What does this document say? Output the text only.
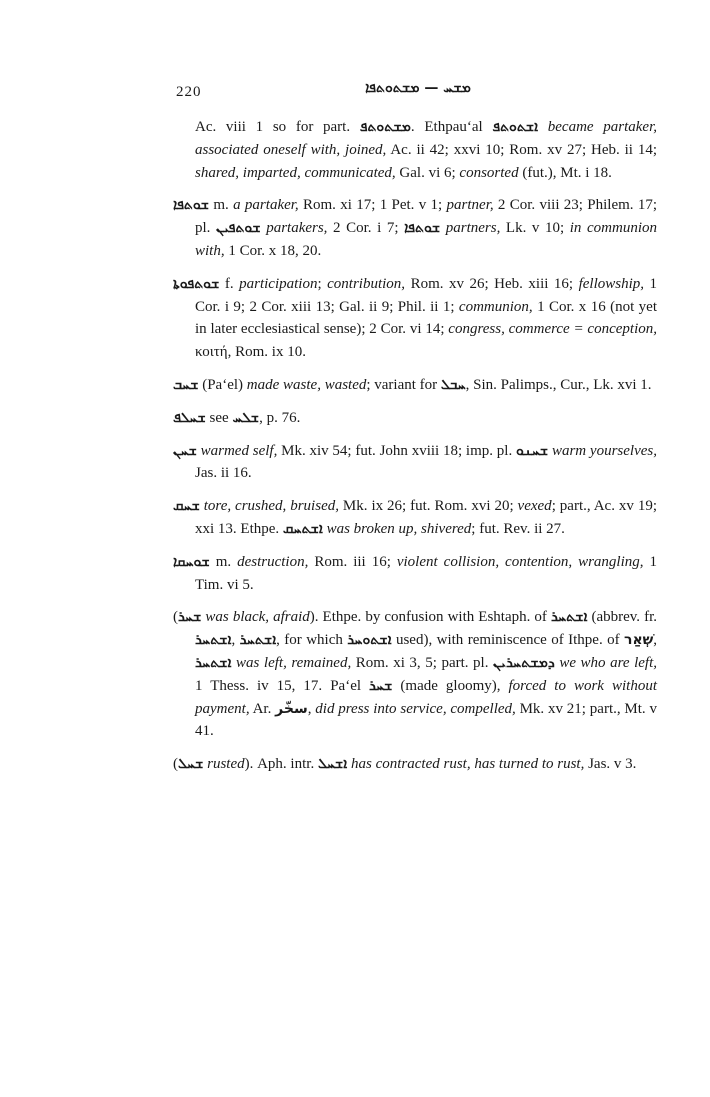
220	ܡܫܚ — ܡܫܬܘܬܦܐ

Ac. viii 1 so for part. ܡܫܬܘܬܦ. Ethpau‘al ܐܫܬܘܬܦ became partaker, associated oneself with, joined, Ac. ii 42; xxvi 10; Rom. xv 27; Heb. ii 14; shared, imparted, communicated, Gal. vi 6; consorted (fut.), Mt. i 18.

ܫܘܬܦܐ m. a partaker, Rom. xi 17; 1 Pet. v 1; partner, 2 Cor. viii 23; Philem. 17; pl. ܫܘܬܦܝܢ partakers, 2 Cor. i 7; ܫܘܬܦܐ partners, Lk. v 10; in communion with, 1 Cor. x 18, 20.

ܫܘܬܦܘܬܐ f. participation; contribution, Rom. xv 26; Heb. xiii 16; fellowship, 1 Cor. i 9; 2 Cor. xiii 13; Gal. ii 9; Phil. ii 1; communion, 1 Cor. x 16 (not yet in later ecclesiastical sense); 2 Cor. vi 14; congress, commerce = conception, κοιτή, Rom. ix 10.

ܫܚܒ (Pa‘el) made waste, wasted; variant for ܚܒܠ, Sin. Palimps., Cur., Lk. xvi 1.

ܫܚܠܦ see ܫܠܚ, p. 76.

ܫܚܢ warmed self, Mk. xiv 54; fut. John xviii 18; imp. pl. ܫܚܢܘ warm yourselves, Jas. ii 16.

ܫܚܩ tore, crushed, bruised, Mk. ix 26; fut. Rom. xvi 20; vexed; part., Ac. xv 19; xxi 13. Ethpe. ܐܫܬܚܩ was broken up, shivered; fut. Rev. ii 27.

ܫܘܚܩܐ m. destruction, Rom. iii 16; violent collision, contention, wrangling, 1 Tim. vi 5.

(ܫܚܪ was black, afraid). Ethpe. by confusion with Eshtaph. of ܐܫܬܚܪ (abbrev. fr. ܐܫܬܚܪ, ܐܫܬܚܪ, for which ܐܫܬܘܚܪ used), with reminiscence of Ithpe. of שְׁאַר, ܐܫܬܚܪ was left, remained, Rom. xi 3, 5; part. pl. ܕܡܫܬܚܪܝܢ we who are left, 1 Thess. iv 15, 17. Pa‘el ܫܚܪ (made gloomy), forced to work without payment, Ar. سخّر, did press into service, compelled, Mk. xv 21; part., Mt. v 41.

(ܫܚܠ rusted). Aph. intr. ܐܫܚܠ has contracted rust, has turned to rust, Jas. v 3.
